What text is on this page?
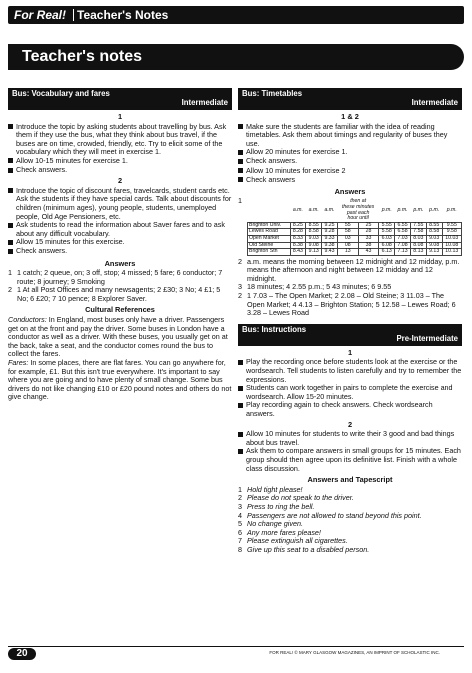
For Real! Teacher's Notes
Teacher's notes
Bus: Vocabulary and fares
Intermediate
1
Introduce the topic by asking students about travelling by bus. Ask them if they use the bus, what they think about bus travel, if the buses are on time, crowded, friendly, etc. Try to elicit some of the vocabulary which they will meet in exercise 1.
Allow 10-15 minutes for exercise 1.
Check answers.
2
Introduce the topic of discount fares, travelcards, student cards etc. Ask the students if they have special cards. Talk about discounts for children (minimum ages), young people, students, unemployed people, Old Age Pensioners, etc.
Ask students to read the information about Saver fares and to ask about any difficult vocabulary.
Allow 15 minutes for this exercise.
Check answers.
Answers
1 1 catch; 2 queue, on; 3 off, stop; 4 missed; 5 fare; 6 conductor; 7 route; 8 journey; 9 Smoking
2 1 At all Post Offices and many newsagents; 2 £30; 3 No; 4 £1; 5 No; 6 £20; 7 10 pence; 8 Explorer Saver.
Cultural References

Conductors: In England, most buses only have a driver. Passengers get on at the front and pay the driver. Some buses in London have a conductor as well as a driver. With these buses, you usually get on at the back, take a seat, and the conductor comes round the bus to collect the fares.

Fares: In some places, there are flat fares. You can go anywhere for, for example, £1. But this isn't true everywhere. It's important to say where you are going and to have plenty of small change. Some bus drivers do not like changing £10 or £20 pound notes and others do not give change.

Bus: Timetables
Intermediate
1 & 2
Make sure the students are familiar with the idea of reading timetables. Ask them about timings and regularity of buses they use.
Allow 20 minutes for exercise 1.
Check answers.
Allow 10 minutes for exercise 2
Check answers
Answers
1
	a.m.	a.m.	a.m.	then at
these minutes
past each
hour until		p.m.	p.m.	p.m.	p.m.	p.m.
Brighton Univ.	8.25	8.55	9.25	55	25	5.55	6.55	7.55	8.55	9.55
Lewes Road	8.28	8.58	9.28	58	28	5.58	6.58	7.58	8.58	9.58
Open Market	8.33	9.03	9.33	03	33	6.03	7.03	8.03	9.03	10.03
Old Steine	8.38	9.08	9.38	08	38	6.08	7.08	8.08	9.08	10.08
Brighton Stn	8.43	9.13	9.43	13	43	6.13	7.13	8.13	9.13	10.13
2 a.m. means the morning between 12 midnight and 12 midday, p.m. means the afternoon and night between 12 midday and 12 midnight.
3 18 minutes; 4 2.55 p.m.; 5 43 minutes; 6 9.55
2 1 7.03 – The Open Market; 2 2.08 – Old Steine; 3 11.03 – The Open Market; 4 4.13 – Brighton Station; 5 12.58 – Lewes Road; 6 3.28 – Lewes Road
Bus: Instructions
Pre-Intermediate
1
Play the recording once before students look at the exercise or the wordsearch. Tell students to listen carefully and try to remember the expressions.
Students can work together in pairs to complete the exercise and wordsearch. Allow 15-20 minutes.
Play recording again to check answers. Check wordsearch answers.
2
Allow 10 minutes for students to write their 3 good and bad things about bus travel.
Ask them to compare answers in small groups for 15 minutes. Each group should then agree upon its definitive list. Finish with a whole class discussion.
Answers and Tapescript
1 Hold tight please!
2 Please do not speak to the driver.
3 Press to ring the bell.
4 Passengers are not allowed to stand beyond this point.
5 No change given.
6 Any more fares please!
7 Please extinguish all cigarettes.
8 Give up this seat to a disabled person.
20	FOR REAL! © MARY GLASGOW MAGAZINES, AN IMPRINT OF SCHOLASTIC INC.
